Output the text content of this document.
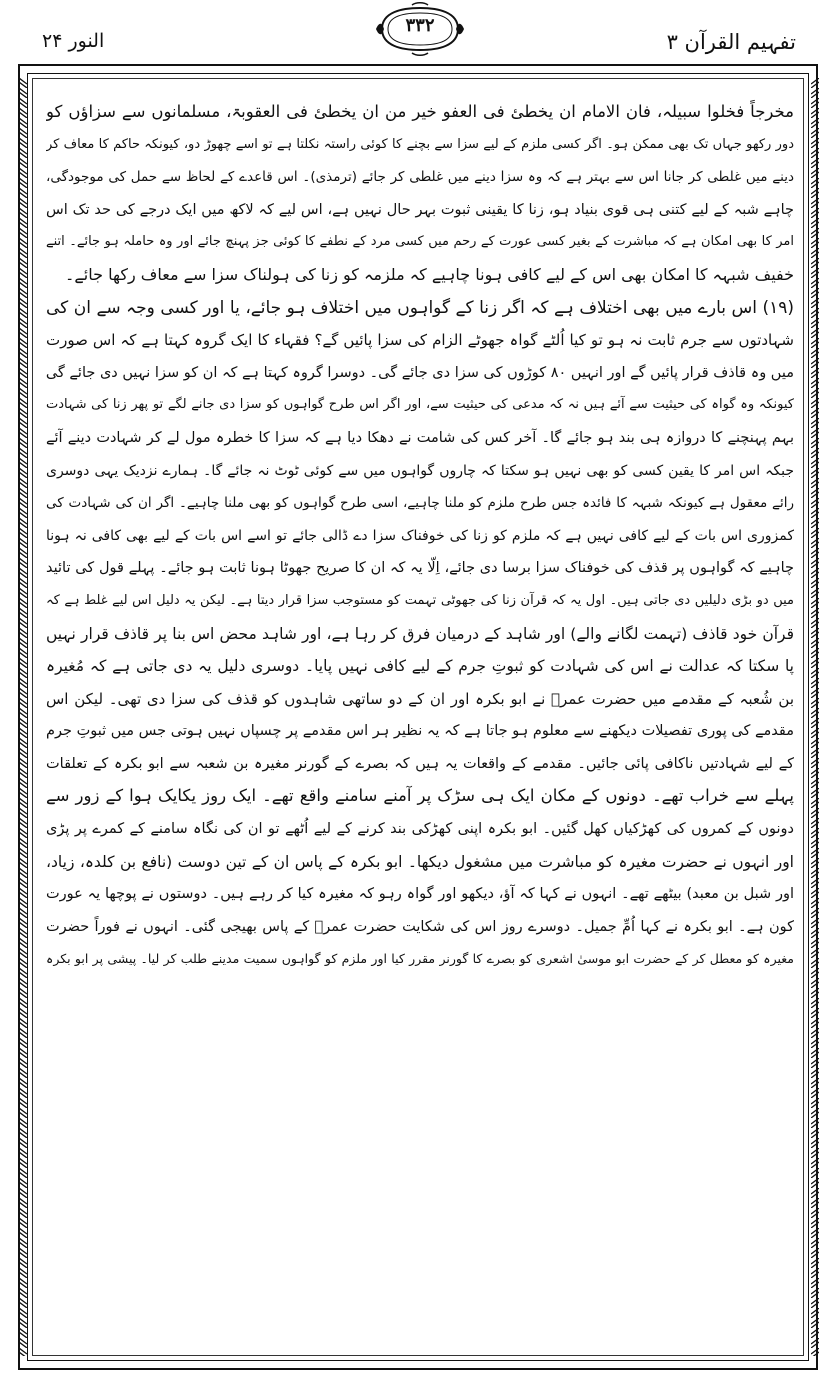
تفہیم القرآن ۳
۳۳۲
النور ۲۴

مخرجاً فخلوا سبیلہ، فان الامام ان یخطئ فی العفو خیر من ان یخطئ فی العقوبۃ، مسلمانوں سے سزاؤں کو
دور رکھو جہاں تک بھی ممکن ہو۔ اگر کسی ملزم کے لیے سزا سے بچنے کا کوئی راستہ نکلتا ہے تو اسے چھوڑ دو، کیونکہ حاکم کا معاف کر
دینے میں غلطی کر جانا اس سے بہتر ہے کہ وہ سزا دینے میں غلطی کر جائے (ترمذی)۔ اس قاعدے کے لحاظ سے حمل کی موجودگی،
چاہے شبہ کے لیے کتنی ہی قوی بنیاد ہو، زنا کا یقینی ثبوت بہر حال نہیں ہے، اس لیے کہ لاکھ میں ایک درجے کی حد تک اس
امر کا بھی امکان ہے کہ مباشرت کے بغیر کسی عورت کے رحم میں کسی مرد کے نطفے کا کوئی جز پہنچ جائے اور وہ حاملہ ہو جائے۔ اتنے
خفیف شبہہ کا امکان بھی اس کے لیے کافی ہونا چاہیے کہ ملزمہ کو زنا کی ہولناک سزا سے معاف رکھا جائے۔

(۱۹) اس بارے میں بھی اختلاف ہے کہ اگر زنا کے گواہوں میں اختلاف ہو جائے، یا اور کسی وجہ سے ان کی
شہادتوں سے جرم ثابت نہ ہو تو کیا اُلٹے گواہ جھوٹے الزام کی سزا پائیں گے؟ فقہاء کا ایک گروہ کہتا ہے کہ اس صورت
میں وہ قاذف قرار پائیں گے اور انہیں ۸۰ کوڑوں کی سزا دی جائے گی۔ دوسرا گروہ کہتا ہے کہ ان کو سزا نہیں دی جائے گی
کیونکہ وہ گواہ کی حیثیت سے آئے ہیں نہ کہ مدعی کی حیثیت سے، اور اگر اس طرح گواہوں کو سزا دی جانے لگے تو پھر زنا کی شہادت
بہم پہنچنے کا دروازہ ہی بند ہو جائے گا۔ آخر کس کی شامت نے دھکا دیا ہے کہ سزا کا خطرہ مول لے کر شہادت دینے آئے
جبکہ اس امر کا یقین کسی کو بھی نہیں ہو سکتا کہ چاروں گواہوں میں سے کوئی ٹوٹ نہ جائے گا۔ ہمارے نزدیک یہی دوسری
رائے معقول ہے کیونکہ شبہہ کا فائدہ جس طرح ملزم کو ملنا چاہیے، اسی طرح گواہوں کو بھی ملنا چاہیے۔ اگر ان کی شہادت کی
کمزوری اس بات کے لیے کافی نہیں ہے کہ ملزم کو زنا کی خوفناک سزا دے ڈالی جائے تو اسے اس بات کے لیے بھی کافی نہ ہونا
چاہیے کہ گواہوں پر قذف کی خوفناک سزا برسا دی جائے، اِلّا یہ کہ ان کا صریح جھوٹا ہونا ثابت ہو جائے۔ پہلے قول کی تائید
میں دو بڑی دلیلیں دی جاتی ہیں۔ اول یہ کہ قرآن زنا کی جھوٹی تہمت کو مستوجب سزا قرار دیتا ہے۔ لیکن یہ دلیل اس لیے غلط ہے کہ
قرآن خود قاذف (تہمت لگانے والے) اور شاہد کے درمیان فرق کر رہا ہے، اور شاہد محض اس بنا پر قاذف قرار نہیں
پا سکتا کہ عدالت نے اس کی شہادت کو ثبوتِ جرم کے لیے کافی نہیں پایا۔ دوسری دلیل یہ دی جاتی ہے کہ مُغیرہ
بن شُعبہ کے مقدمے میں حضرت عمرؓ نے ابو بکرہ اور ان کے دو ساتھی شاہدوں کو قذف کی سزا دی تھی۔ لیکن اس
مقدمے کی پوری تفصیلات دیکھنے سے معلوم ہو جاتا ہے کہ یہ نظیر ہر اس مقدمے پر چسپاں نہیں ہوتی جس میں ثبوتِ جرم
کے لیے شہادتیں ناکافی پائی جائیں۔ مقدمے کے واقعات یہ ہیں کہ بصرے کے گورنر مغیرہ بن شعبہ سے ابو بکرہ کے تعلقات
پہلے سے خراب تھے۔ دونوں کے مکان ایک ہی سڑک پر آمنے سامنے واقع تھے۔ ایک روز یکایک ہوا کے زور سے
دونوں کے کمروں کی کھڑکیاں کھل گئیں۔ ابو بکرہ اپنی کھڑکی بند کرنے کے لیے اُٹھے تو ان کی نگاہ سامنے کے کمرے پر پڑی
اور انہوں نے حضرت مغیرہ کو مباشرت میں مشغول دیکھا۔ ابو بکرہ کے پاس ان کے تین دوست (نافع بن کلدہ، زیاد،
اور شبل بن معبد) بیٹھے تھے۔ انہوں نے کہا کہ آؤ، دیکھو اور گواہ رہو کہ مغیرہ کیا کر رہے ہیں۔ دوستوں نے پوچھا یہ عورت
کون ہے۔ ابو بکرہ نے کہا اُمِّ جمیل۔ دوسرے روز اس کی شکایت حضرت عمرؓ کے پاس بھیجی گئی۔ انہوں نے فوراً حضرت
مغیرہ کو معطل کر کے حضرت ابو موسیٰ اشعری کو بصرے کا گورنر مقرر کیا اور ملزم کو گواہوں سمیت مدینے طلب کر لیا۔ پیشی پر ابو بکرہ
